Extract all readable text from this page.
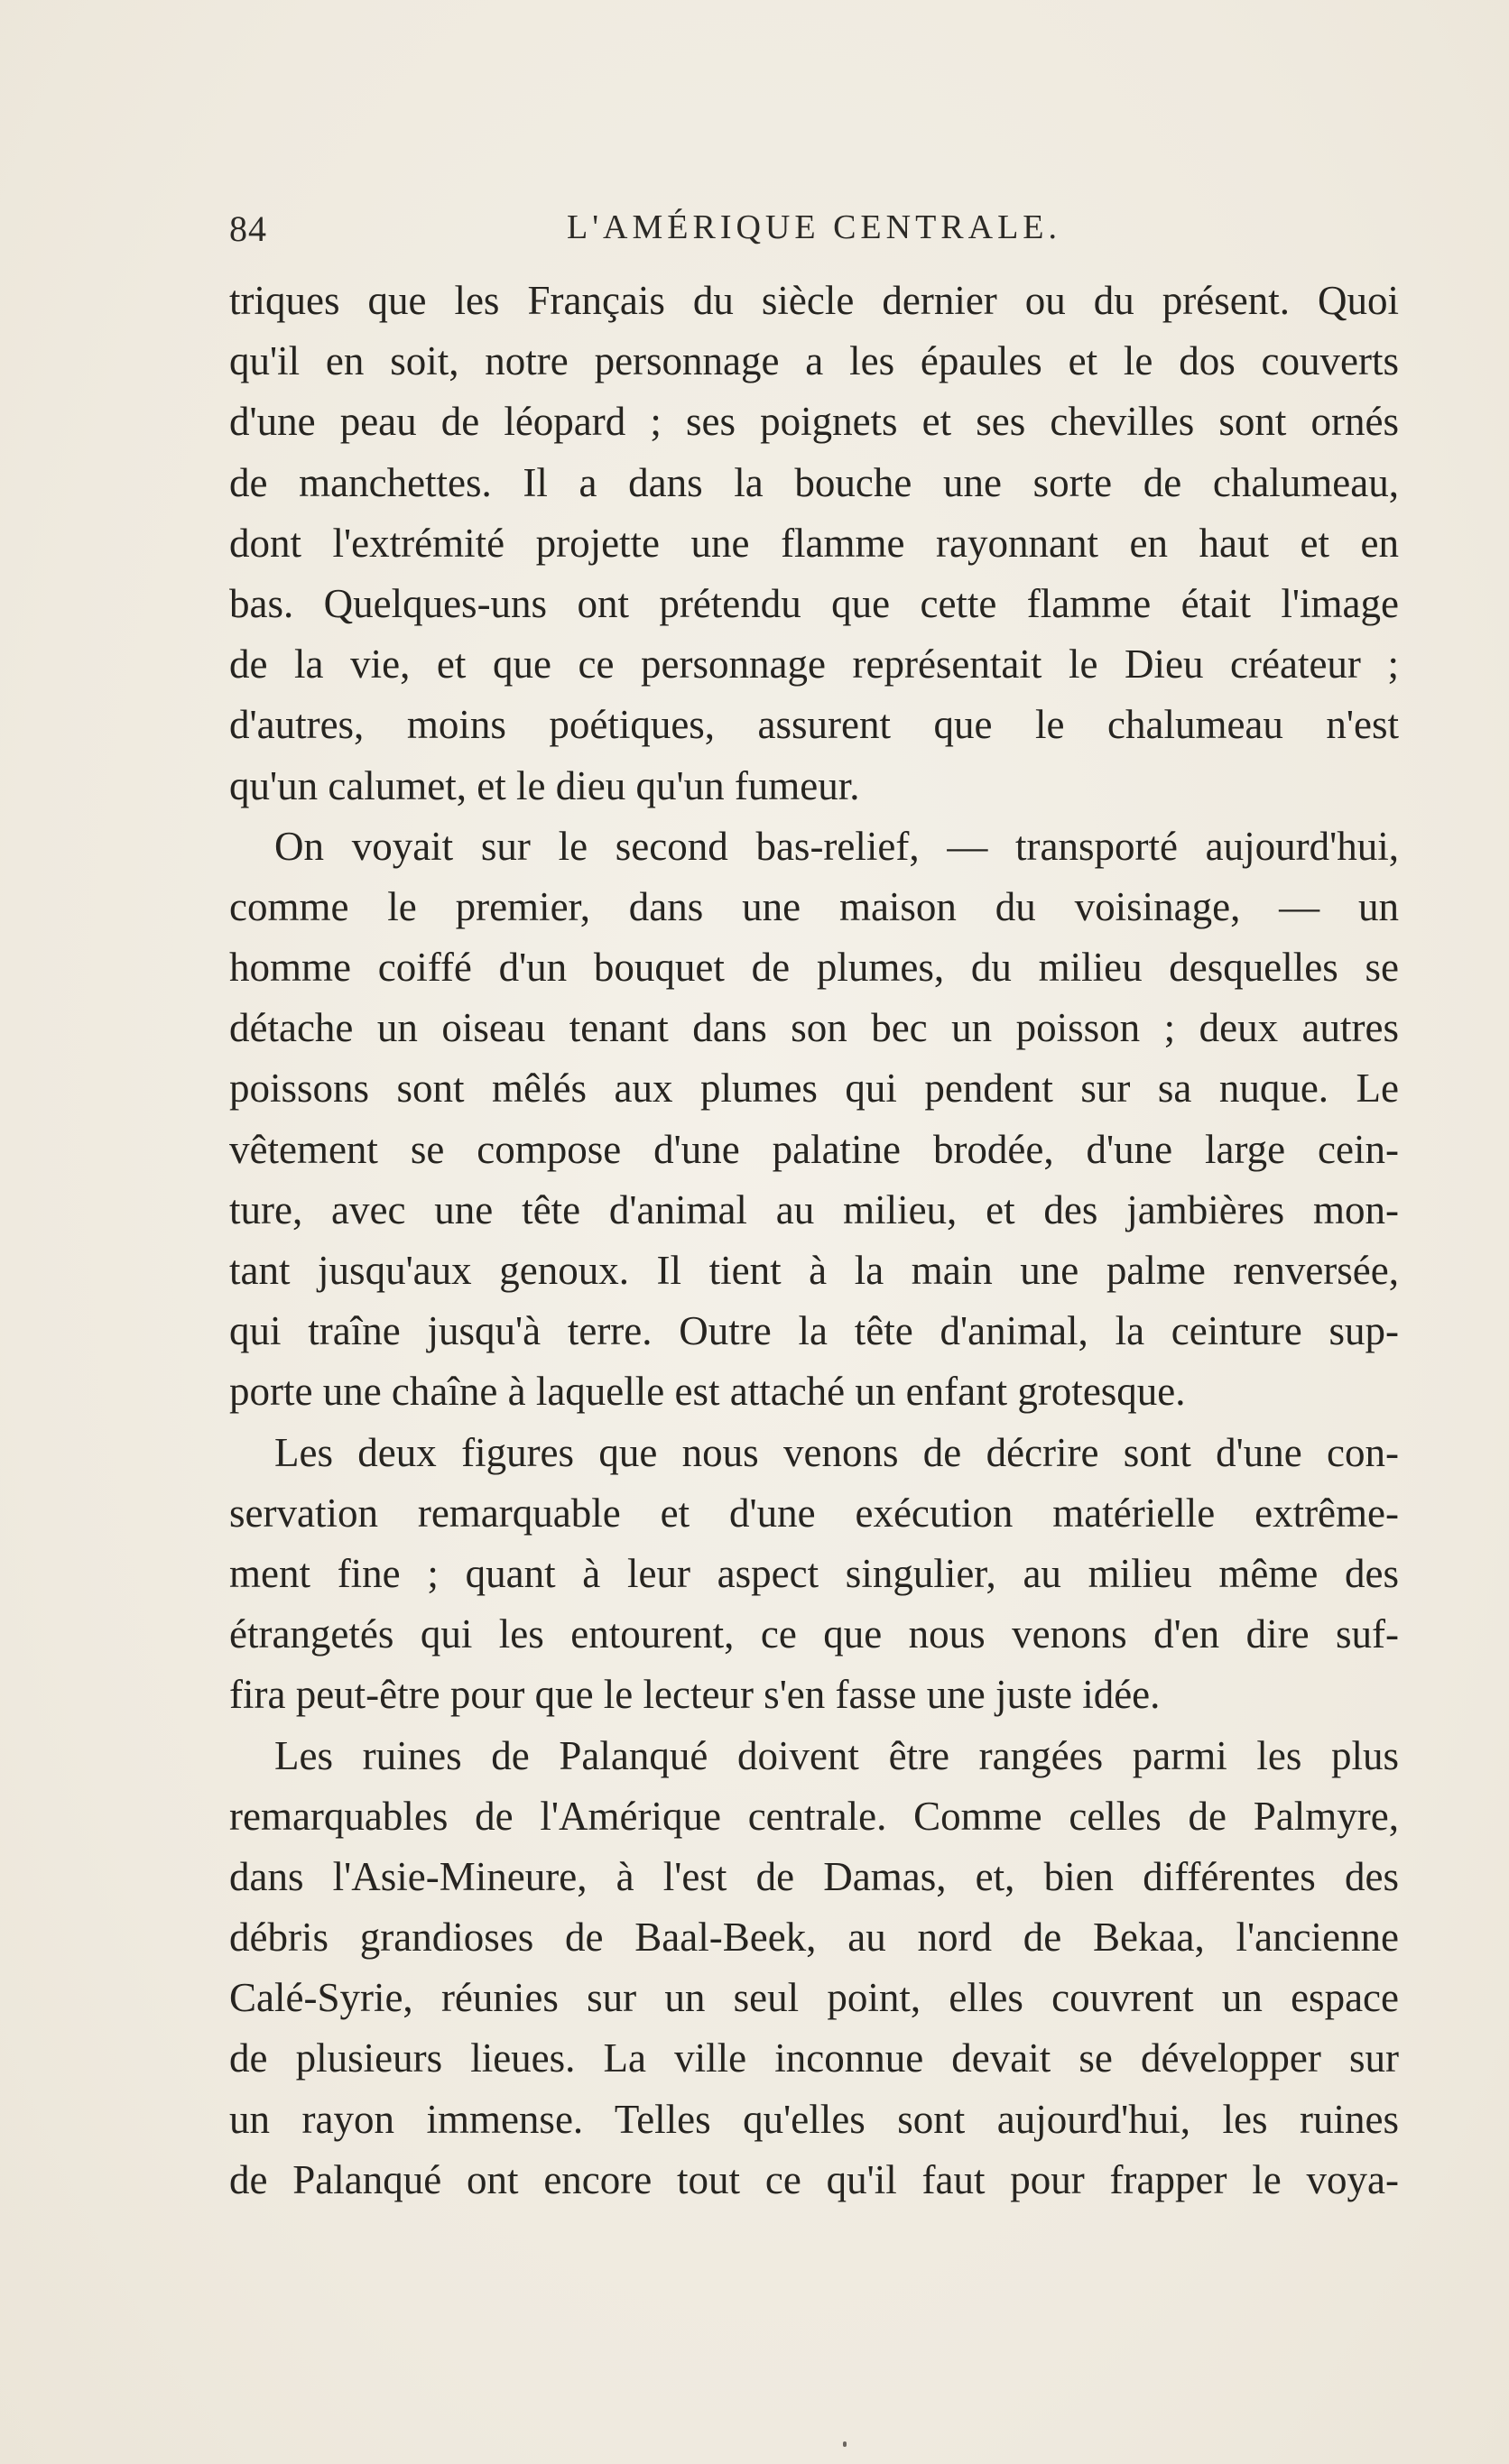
84	L'AMÉRIQUE CENTRALE.
triques que les Français du siècle dernier ou du présent. Quoi
qu'il en soit, notre personnage a les épaules et le dos couverts
d'une peau de léopard ; ses poignets et ses chevilles sont ornés
de manchettes. Il a dans la bouche une sorte de chalumeau,
dont l'extrémité projette une flamme rayonnant en haut et en
bas. Quelques-uns ont prétendu que cette flamme était l'image
de la vie, et que ce personnage représentait le Dieu créateur ;
d'autres, moins poétiques, assurent que le chalumeau n'est
qu'un calumet, et le dieu qu'un fumeur.
On voyait sur le second bas-relief, — transporté aujourd'hui,
comme le premier, dans une maison du voisinage, — un
homme coiffé d'un bouquet de plumes, du milieu desquelles se
détache un oiseau tenant dans son bec un poisson ; deux autres
poissons sont mêlés aux plumes qui pendent sur sa nuque. Le
vêtement se compose d'une palatine brodée, d'une large cein-
ture, avec une tête d'animal au milieu, et des jambières mon-
tant jusqu'aux genoux. Il tient à la main une palme renversée,
qui traîne jusqu'à terre. Outre la tête d'animal, la ceinture sup-
porte une chaîne à laquelle est attaché un enfant grotesque.
Les deux figures que nous venons de décrire sont d'une con-
servation remarquable et d'une exécution matérielle extrême-
ment fine ; quant à leur aspect singulier, au milieu même des
étrangetés qui les entourent, ce que nous venons d'en dire suf-
fira peut-être pour que le lecteur s'en fasse une juste idée.
Les ruines de Palanqué doivent être rangées parmi les plus
remarquables de l'Amérique centrale. Comme celles de Palmyre,
dans l'Asie-Mineure, à l'est de Damas, et, bien différentes des
débris grandioses de Baal-Beek, au nord de Bekaa, l'ancienne
Calé-Syrie, réunies sur un seul point, elles couvrent un espace
de plusieurs lieues. La ville inconnue devait se développer sur
un rayon immense. Telles qu'elles sont aujourd'hui, les ruines
de Palanqué ont encore tout ce qu'il faut pour frapper le voya-
